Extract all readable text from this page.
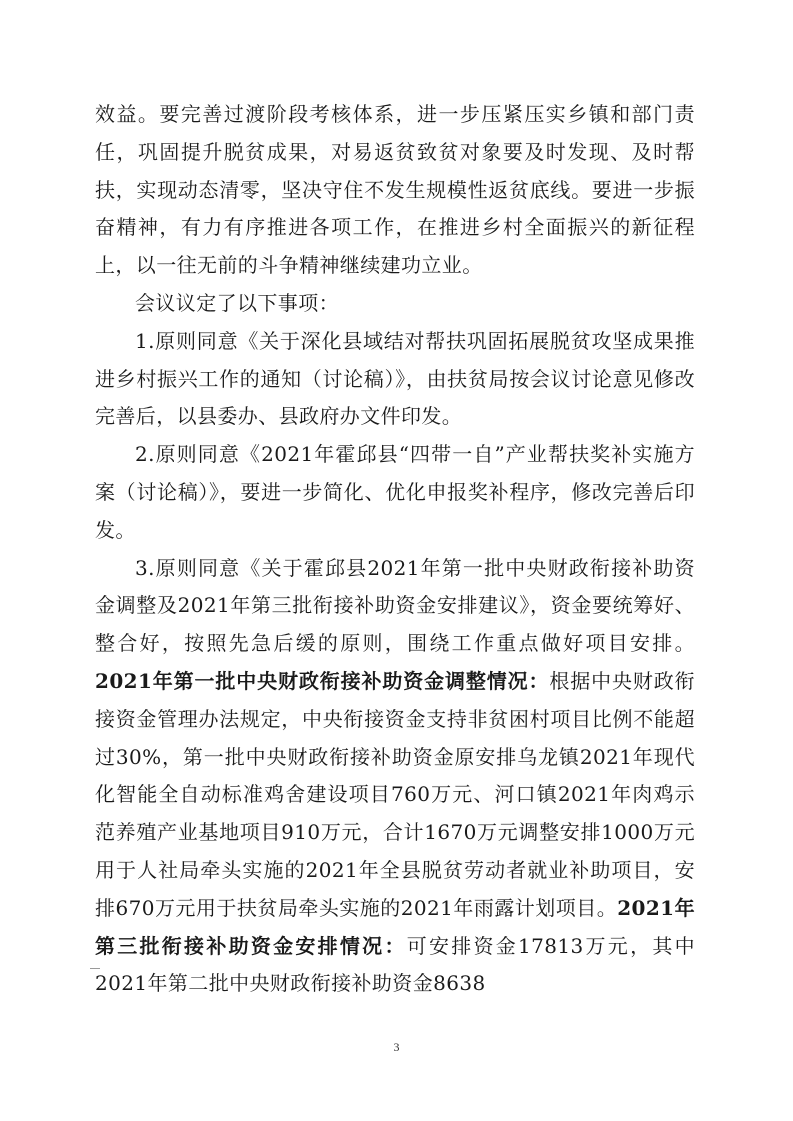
效益。要完善过渡阶段考核体系，进一步压紧压实乡镇和部门责任，巩固提升脱贫成果，对易返贫致贫对象要及时发现、及时帮扶，实现动态清零，坚决守住不发生规模性返贫底线。要进一步振奋精神，有力有序推进各项工作，在推进乡村全面振兴的新征程上，以一往无前的斗争精神继续建功立业。

会议议定了以下事项：

1.原则同意《关于深化县域结对帮扶巩固拓展脱贫攻坚成果推进乡村振兴工作的通知（讨论稿）》，由扶贫局按会议讨论意见修改完善后，以县委办、县政府办文件印发。

2.原则同意《2021年霍邱县“四带一自”产业帮扶奖补实施方案（讨论稿）》，要进一步简化、优化申报奖补程序，修改完善后印发。

3.原则同意《关于霍邱县2021年第一批中央财政衔接补助资金调整及2021年第三批衔接补助资金安排建议》，资金要统筹好、整合好，按照先急后缓的原则，围绕工作重点做好项目安排。2021年第一批中央财政衔接补助资金调整情况：根据中央财政衔接资金管理办法规定，中央衔接资金支持非贫困村项目比例不能超过30%，第一批中央财政衔接补助资金原安排乌龙镇2021年现代化智能全自动标准鸡舍建设项目760万元、河口镇2021年肉鸡示范养殖产业基地项目910万元，合计1670万元调整安排1000万元用于人社局牵头实施的2021年全县脱贫劳动者就业补助项目，安排670万元用于扶贫局牵头实施的2021年雨露计划项目。2021年第三批衔接补助资金安排情况：可安排资金17813万元，其中2021年第二批中央财政衔接补助资金8638

3
